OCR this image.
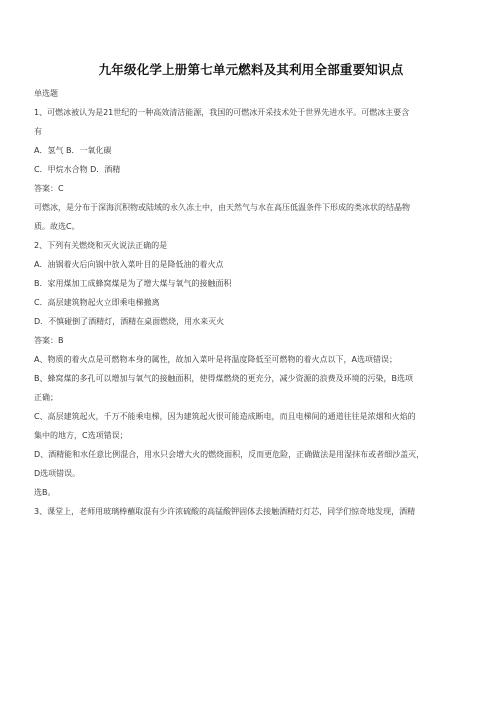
九年级化学上册第七单元燃料及其利用全部重要知识点

单选题

1、可燃冰被认为是21世纪的一种高效清洁能源，我国的可燃冰开采技术处于世界先进水平。可燃冰主要含

有

A．氢气 B．一氧化碳

C．甲烷水合物 D．酒精

答案：C

可燃冰，是分布于深海沉积物或陆域的永久冻土中，由天然气与水在高压低温条件下形成的类冰状的结晶物

质。故选C。

2、下列有关燃烧和灭火说法正确的是

A．油锅着火后向锅中放入菜叶目的是降低油的着火点

B．家用煤加工成蜂窝煤是为了增大煤与氧气的接触面积

C．高层建筑物起火立即乘电梯撤离

D．不慎碰倒了酒精灯，酒精在桌面燃烧，用水来灭火

答案：B

A、物质的着火点是可燃物本身的属性，故加入菜叶是将温度降低至可燃物的着火点以下，A选项错误；

B、蜂窝煤的多孔可以增加与氧气的接触面积，使得煤燃烧的更充分，减少资源的浪费及环境的污染，B选项

正确；

C、高层建筑起火，千万不能乘电梯，因为建筑起火很可能造成断电，而且电梯间的通道往往是浓烟和火焰的

集中的地方，C选项错误；

D、酒精能和水任意比例混合，用水只会增大火的燃烧面积，反而更危险，正确做法是用湿抹布或者细沙盖灭，

D选项错误。

选B。

3、课堂上，老师用玻璃棒蘸取混有少许浓硫酸的高锰酸钾固体去接触酒精灯灯芯，同学们惊奇地发现，酒精
